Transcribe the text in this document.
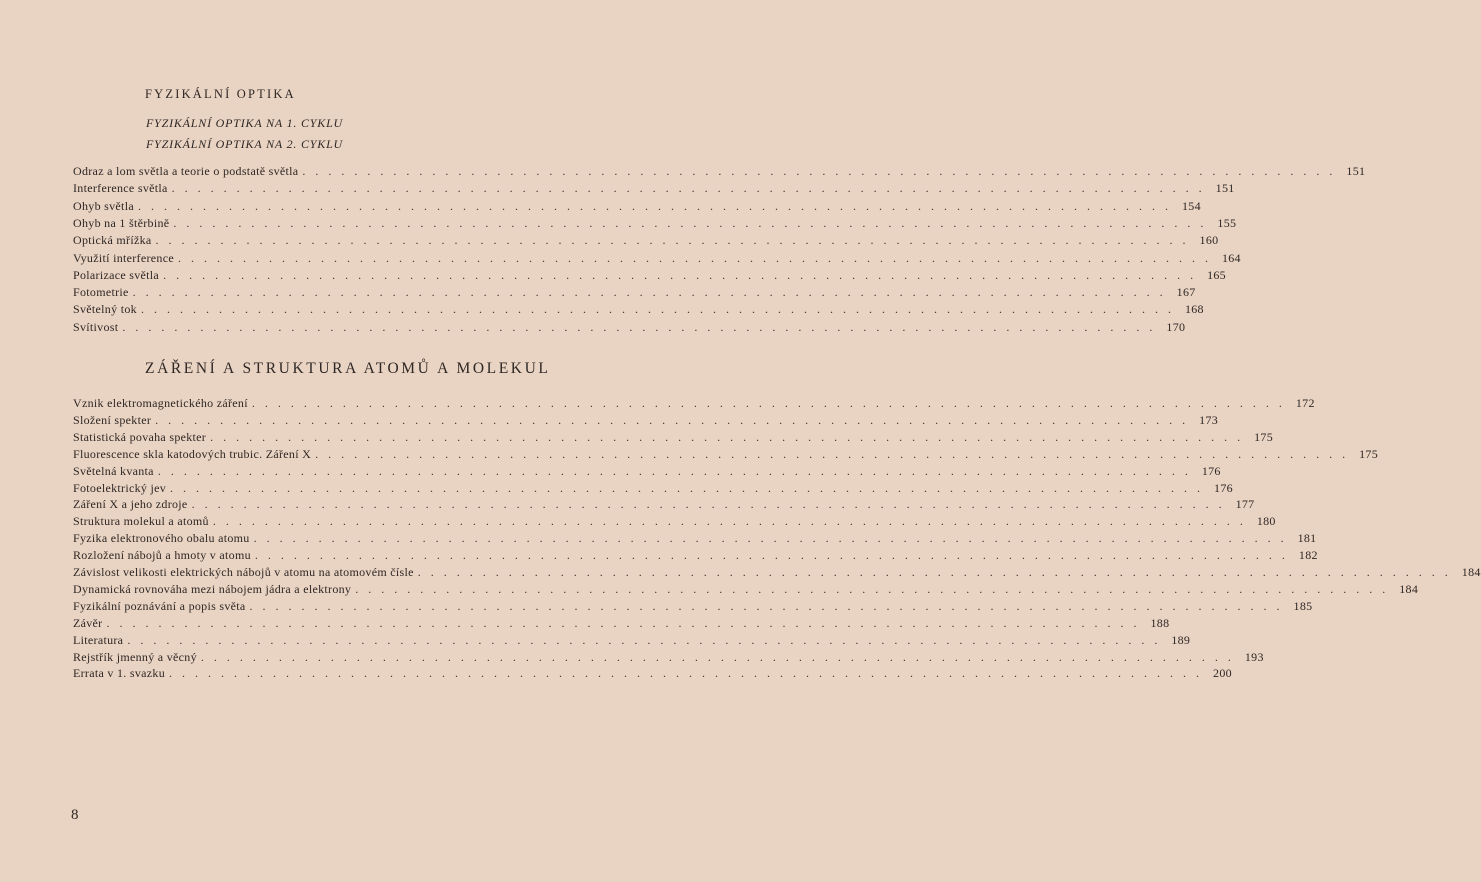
FYZIKÁLNÍ OPTIKA
FYZIKÁLNÍ OPTIKA NA 1. CYKLU
FYZIKÁLNÍ OPTIKA NA 2. CYKLU
Odraz a lom světla a teorie o podstatě světla ................................................................................ 151
Interference světla ................................................................................ 151
Ohyb světla ................................................................................ 154
Ohyb na 1 štěrbině ................................................................................ 155
Optická mřížka ................................................................................ 160
Využití interference ................................................................................ 164
Polarizace světla ................................................................................ 165
Fotometrie ................................................................................ 167
Světelný tok ................................................................................ 168
Svítivost ................................................................................ 170
ZÁŘENÍ A STRUKTURA ATOMŮ A MOLEKUL
Vznik elektromagnetického záření ................................................................................ 172
Složení spekter ................................................................................ 173
Statistická povaha spekter ................................................................................ 175
Fluorescence skla katodových trubic. Záření X ................................................................................ 175
Světelná kvanta ................................................................................ 176
Fotoelektrický jev ................................................................................ 176
Záření X a jeho zdroje ................................................................................ 177
Struktura molekul a atomů ................................................................................ 180
Fyzika elektronového obalu atomu ................................................................................ 181
Rozložení nábojů a hmoty v atomu ................................................................................ 182
Závislost velikosti elektrických nábojů v atomu na atomovém čísle ................................................................................ 184
Dynamická rovnováha mezi nábojem jádra a elektrony ................................................................................ 184
Fyzikální poznávání a popis světa ................................................................................ 185
Závěr ................................................................................ 188
Literatura ................................................................................ 189
Rejstřík jmenný a věcný ................................................................................ 193
Errata v 1. svazku ................................................................................ 200
8
